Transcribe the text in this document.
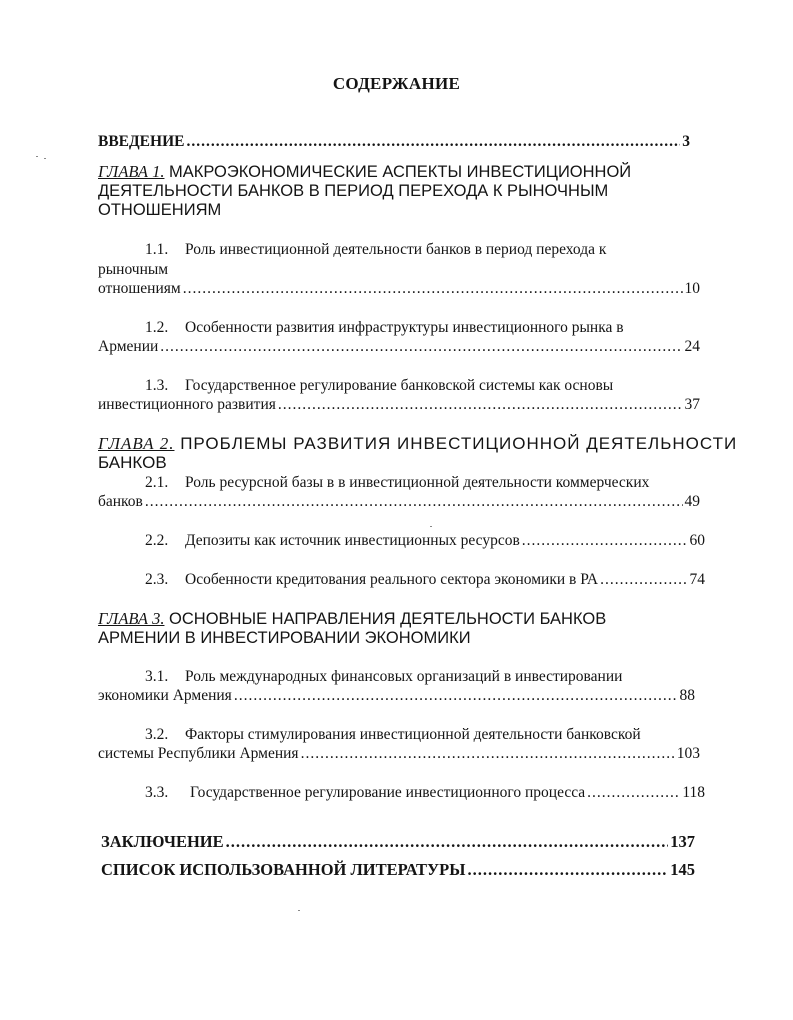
СОДЕРЖАНИЕ
ВВЕДЕНИЕ .....	3
ГЛАВА 1. МАКРОЭКОНОМИЧЕСКИЕ АСПЕКТЫ ИНВЕСТИЦИОННОЙ
ДЕЯТЕЛЬНОСТИ БАНКОВ В ПЕРИОД ПЕРЕХОДА К РЫНОЧНЫМ
ОТНОШЕНИЯМ
1.1. Роль инвестиционной деятельности банков в период перехода к
рыночным
отношениям .....	10
1.2. Особенности развития инфраструктуры инвестиционного рынка в
Армении .....	24
1.3. Государственное регулирование банковской системы как основы
инвестиционного развития .....	37
ГЛАВА 2. ПРОБЛЕМЫ РАЗВИТИЯ ИНВЕСТИЦИОННОЙ ДЕЯТЕЛЬНОСТИ
БАНКОВ
2.1. Роль ресурсной базы в в инвестиционной деятельности коммерческих
банков .....	49
2.2.	Депозиты как источник инвестиционных ресурсов .....	60
2.3.	Особенности кредитования реального сектора экономики в РА .....	74
ГЛАВА 3. ОСНОВНЫЕ НАПРАВЛЕНИЯ ДЕЯТЕЛЬНОСТИ БАНКОВ
АРМЕНИИ В ИНВЕСТИРОВАНИИ ЭКОНОМИКИ
3.1. Роль международных финансовых организаций в инвестировании
экономики Армения .....	88
3.2. Факторы стимулирования инвестиционной деятельности банковской
системы Республики Армения .....	103
3.3.	Государственное регулирование инвестиционного процесса .....	118
ЗАКЛЮЧЕНИЕ .....	137
СПИСОК ИСПОЛЬЗОВАННОЙ ЛИТЕРАТУРЫ .....	145
